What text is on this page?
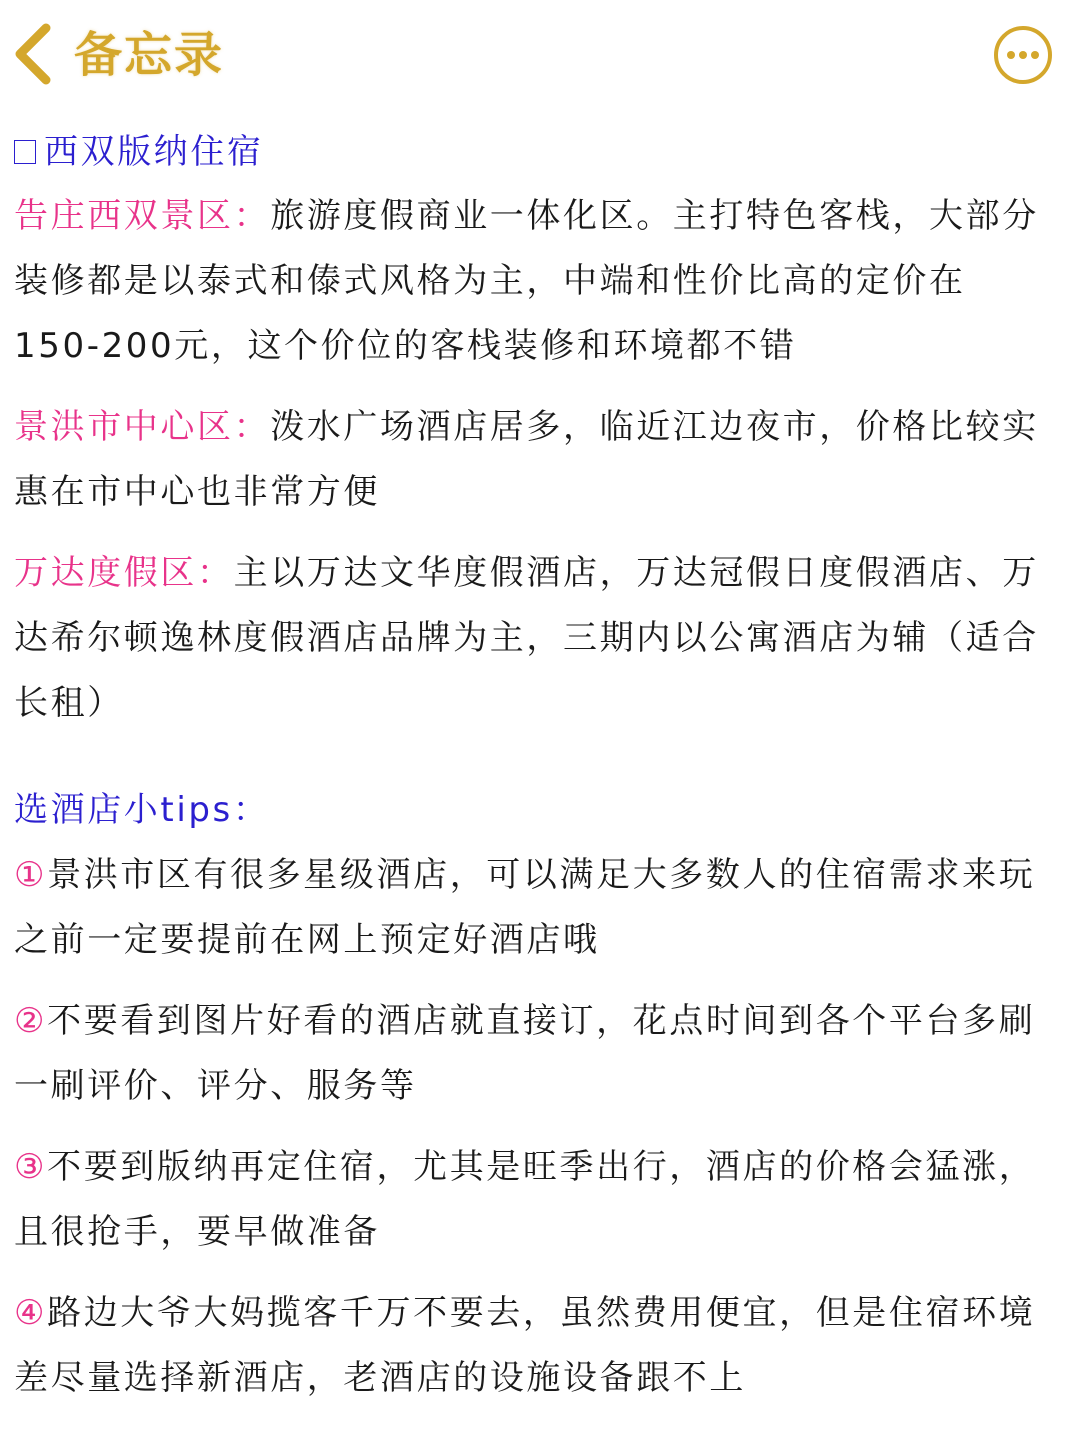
备忘录
西双版纳住宿
告庄西双景区：旅游度假商业一体化区。主打特色客栈，大部分
装修都是以泰式和傣式风格为主，中端和性价比高的定价在
150-200元，这个价位的客栈装修和环境都不错
景洪市中心区：泼水广场酒店居多，临近江边夜市，价格比较实
惠在市中心也非常方便
万达度假区：主以万达文华度假酒店，万达冠假日度假酒店、万
达希尔顿逸林度假酒店品牌为主，三期内以公寓酒店为辅（适合
长租）
选酒店小tips：
①景洪市区有很多星级酒店，可以满足大多数人的住宿需求来玩
之前一定要提前在网上预定好酒店哦
②不要看到图片好看的酒店就直接订，花点时间到各个平台多刷
一刷评价、评分、服务等
③不要到版纳再定住宿，尤其是旺季出行，酒店的价格会猛涨，
且很抢手，要早做准备
④路边大爷大妈揽客千万不要去，虽然费用便宜，但是住宿环境
差尽量选择新酒店，老酒店的设施设备跟不上
